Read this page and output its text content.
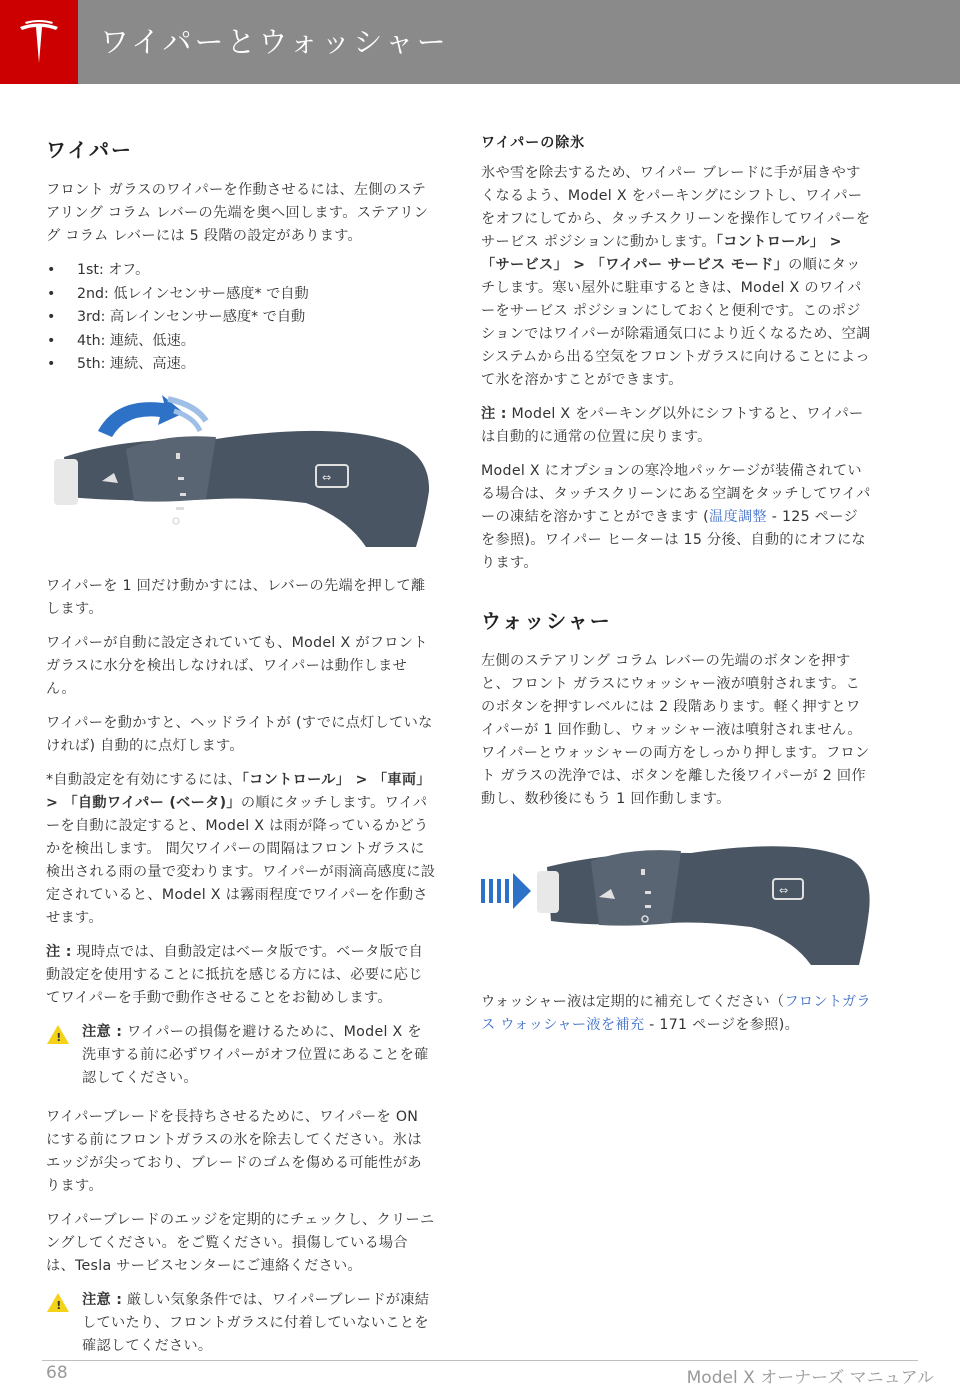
ワイパーとウォッシャー
ワイパー

フロント ガラスのワイパーを作動させるには、左側のステアリング コラム レバーの先端を奥へ回します。ステアリング コラム レバーには 5 段階の設定があります。

• 1st: オフ。
• 2nd: 低レインセンサー感度* で自動
• 3rd: 高レインセンサー感度* で自動
• 4th: 連続、低速。
• 5th: 連続、高速。
⇔

ワイパーを 1 回だけ動かすには、レバーの先端を押して離します。

ワイパーが自動に設定されていても、Model X がフロントガラスに水分を検出しなければ、ワイパーは動作しません。

ワイパーを動かすと、ヘッドライトが (すでに点灯していなければ) 自動的に点灯します。

*自動設定を有効にするには、「コントロール」 > 「車両」 > 「自動ワイパー (ベータ)」の順にタッチします。ワイパーを自動に設定すると、Model X は雨が降っているかどうかを検出します。 間欠ワイパーの間隔はフロントガラスに検出される雨の量で変わります。ワイパーが雨滴高感度に設定されていると、Model X は霧雨程度でワイパーを作動させます。

注 : 現時点では、自動設定はベータ版です。ベータ版で自動設定を使用することに抵抗を感じる方には、必要に応じてワイパーを手動で動作させることをお勧めします。

! 注意 : ワイパーの損傷を避けるために、Model X を洗車する前に必ずワイパーがオフ位置にあることを確認してください。

ワイパーブレードを長持ちさせるために、ワイパーを ON にする前にフロントガラスの氷を除去してください。氷はエッジが尖っており、ブレードのゴムを傷める可能性があります。

ワイパーブレードのエッジを定期的にチェックし、クリーニングしてください。をご覧ください。損傷している場合は、Tesla サービスセンターにご連絡ください。

! 注意 : 厳しい気象条件では、ワイパーブレードが凍結していたり、フロントガラスに付着していないことを確認してください。

ワイパーの除氷

氷や雪を除去するため、ワイパー ブレードに手が届きやすくなるよう、Model X をパーキングにシフトし、ワイパーをオフにしてから、タッチスクリーンを操作してワイパーをサービス ポジションに動かします。「コントロール」 > 「サービス」 > 「ワイパー サービス モード」の順にタッチします。寒い屋外に駐車するときは、Model X のワイパーをサービス ポジションにしておくと便利です。このポジションではワイパーが除霜通気口により近くなるため、空調システムから出る空気をフロントガラスに向けることによって氷を溶かすことができます。

注 : Model X をパーキング以外にシフトすると、ワイパーは自動的に通常の位置に戻ります。

Model X にオプションの寒冷地パッケージが装備されている場合は、タッチスクリーンにある空調をタッチしてワイパーの凍結を溶かすことができます (温度調整 - 125 ページを参照)。ワイパー ヒーターは 15 分後、自動的にオフになります。

ウォッシャー

左側のステアリング コラム レバーの先端のボタンを押すと、フロント ガラスにウォッシャー液が噴射されます。このボタンを押すレベルには 2 段階あります。軽く押すとワイパーが 1 回作動し、ウォッシャー液は噴射されません。ワイパーとウォッシャーの両方をしっかり押します。フロント ガラスの洗浄では、ボタンを離した後ワイパーが 2 回作動し、数秒後にもう 1 回作動します。

⇔

ウォッシャー液は定期的に補充してください（フロントガラス ウォッシャー液を補充 - 171 ページを参照)。

68	Model X オーナーズ マニュアル
